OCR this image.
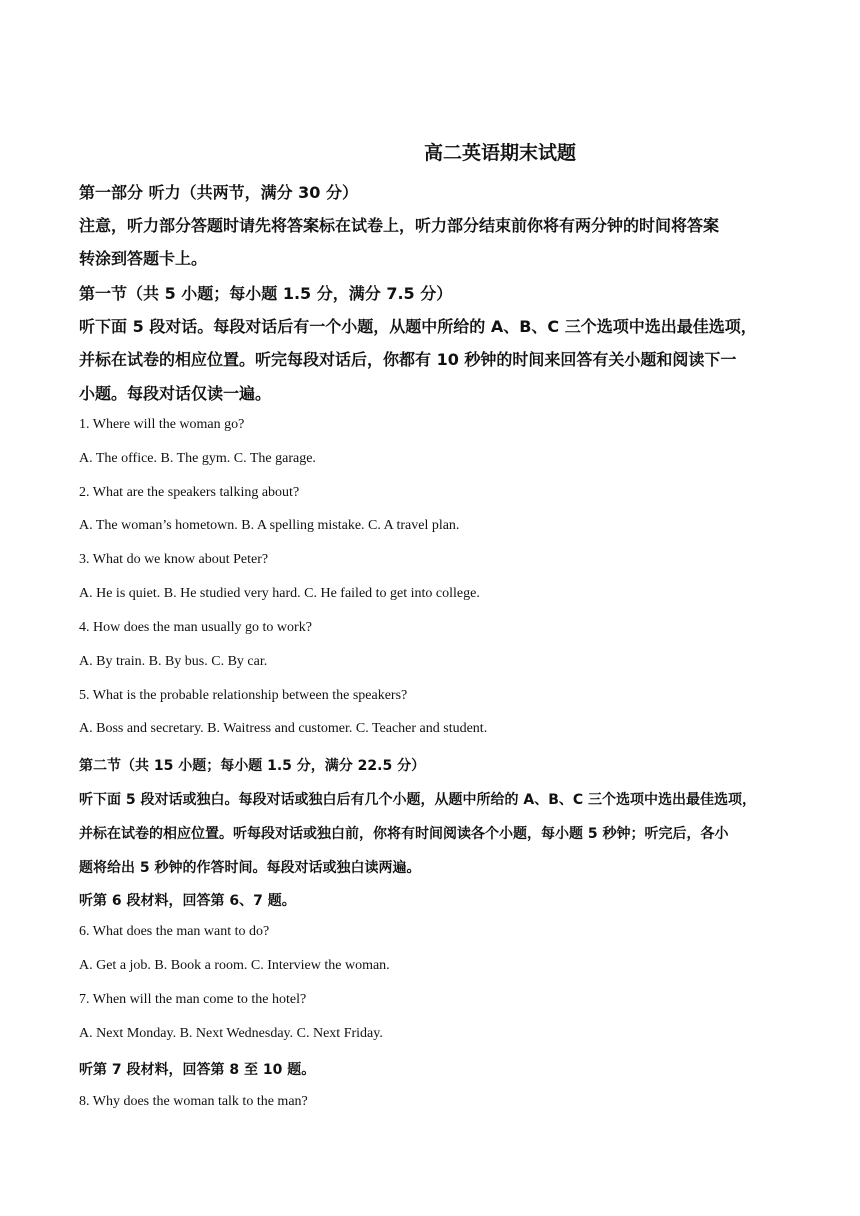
高二英语期末试题
第一部分 听力（共两节，满分 30 分）
注意，听力部分答题时请先将答案标在试卷上，听力部分结束前你将有两分钟的时间将答案
转涂到答题卡上。
第一节（共 5 小题；每小题 1.5 分，满分 7.5 分）
听下面 5 段对话。每段对话后有一个小题，从题中所给的 A、B、C 三个选项中选出最佳选项，
并标在试卷的相应位置。听完每段对话后，你都有 10 秒钟的时间来回答有关小题和阅读下一
小题。每段对话仅读一遍。
1. Where will the woman go?
A. The office. B. The gym. C. The garage.
2. What are the speakers talking about?
A. The woman’s hometown. B. A spelling mistake. C. A travel plan.
3. What do we know about Peter?
A. He is quiet. B. He studied very hard. C. He failed to get into college.
4. How does the man usually go to work?
A. By train. B. By bus. C. By car.
5. What is the probable relationship between the speakers?
A. Boss and secretary. B. Waitress and customer. C. Teacher and student.
第二节（共 15 小题；每小题 1.5 分，满分 22.5 分）
听下面 5 段对话或独白。每段对话或独白后有几个小题，从题中所给的 A、B、C 三个选项中选出最佳选项，
并标在试卷的相应位置。听每段对话或独白前，你将有时间阅读各个小题，每小题 5 秒钟；听完后，各小
题将给出 5 秒钟的作答时间。每段对话或独白读两遍。
听第 6 段材料，回答第 6、7 题。
6. What does the man want to do?
A. Get a job. B. Book a room. C. Interview the woman.
7. When will the man come to the hotel?
A. Next Monday. B. Next Wednesday. C. Next Friday.
听第 7 段材料，回答第 8 至 10 题。
8. Why does the woman talk to the man?
